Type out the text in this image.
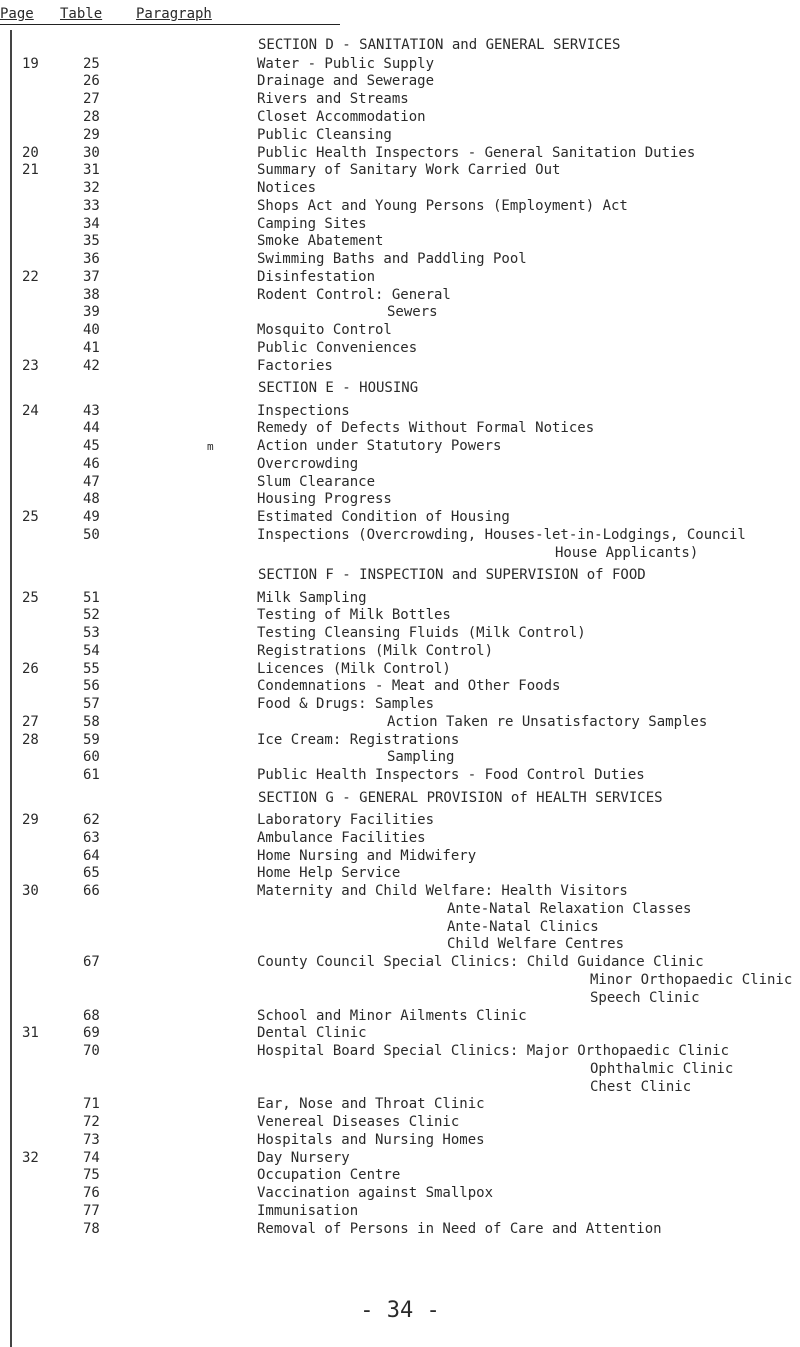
Page Table Paragraph
SECTION D - SANITATION and GENERAL SERVICES
19	25	Water - Public Supply
26	Drainage and Sewerage
27	Rivers and Streams
28	Closet Accommodation
29	Public Cleansing
20	30	Public Health Inspectors - General Sanitation Duties
21	31	Summary of Sanitary Work Carried Out
32	Notices
33	Shops Act and Young Persons (Employment) Act
34	Camping Sites
35	Smoke Abatement
36	Swimming Baths and Paddling Pool
22	37	Disinfestation
38	Rodent Control: General
39	Sewers
40	Mosquito Control
41	Public Conveniences
23	42	Factories
SECTION E - HOUSING
24	43	Inspections
44	Remedy of Defects Without Formal Notices
45	m	Action under Statutory Powers
46	Overcrowding
47	Slum Clearance
48	Housing Progress
25	49	Estimated Condition of Housing
50	Inspections (Overcrowding, Houses-let-in-Lodgings, Council
House Applicants)
SECTION F - INSPECTION and SUPERVISION of FOOD
25	51	Milk Sampling
52	Testing of Milk Bottles
53	Testing Cleansing Fluids (Milk Control)
54	Registrations (Milk Control)
26	55	Licences (Milk Control)
56	Condemnations - Meat and Other Foods
57	Food & Drugs: Samples
27	58	Action Taken re Unsatisfactory Samples
28	59	Ice Cream: Registrations
60	Sampling
61	Public Health Inspectors - Food Control Duties
SECTION G - GENERAL PROVISION of HEALTH SERVICES
29	62	Laboratory Facilities
63	Ambulance Facilities
64	Home Nursing and Midwifery
65	Home Help Service
30	66	Maternity and Child Welfare: Health Visitors
Ante-Natal Relaxation Classes
Ante-Natal Clinics
Child Welfare Centres
67	County Council Special Clinics: Child Guidance Clinic
Minor Orthopaedic Clinic
Speech Clinic
68	School and Minor Ailments Clinic
31	69	Dental Clinic
70	Hospital Board Special Clinics: Major Orthopaedic Clinic
Ophthalmic Clinic
Chest Clinic
71	Ear, Nose and Throat Clinic
72	Venereal Diseases Clinic
73	Hospitals and Nursing Homes
32	74	Day Nursery
75	Occupation Centre
76	Vaccination against Smallpox
77	Immunisation
78	Removal of Persons in Need of Care and Attention
- 34 -
